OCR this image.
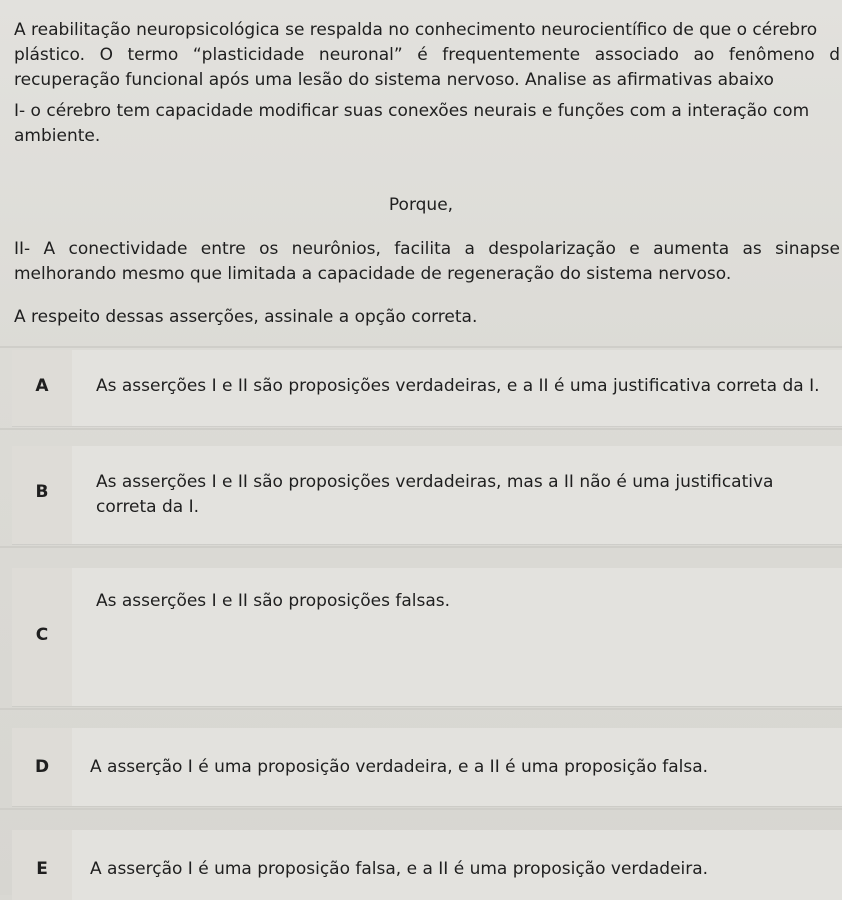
A reabilitação neuropsicológica se respalda no conhecimento neurocientífico de que o cérebro
plástico. O termo “plasticidade neuronal” é frequentemente associado ao fenômeno d
recuperação funcional após uma lesão do sistema nervoso. Analise as afirmativas abaixo
I- o cérebro tem capacidade modificar suas conexões neurais e funções com a interação com
ambiente.
Porque,
II- A conectividade entre os neurônios, facilita a despolarização e aumenta as sinapse
melhorando mesmo que limitada a capacidade de regeneração do sistema nervoso.
A respeito dessas asserções, assinale a opção correta.
A	As asserções I e II são proposições verdadeiras, e a II é uma justificativa correta da I.
B	As asserções I e II são proposições verdadeiras, mas a II não é uma justificativa
correta da I.
C
As asserções I e II são proposições falsas.
D	A asserção I é uma proposição verdadeira, e a II é uma proposição falsa.
E	A asserção I é uma proposição falsa, e a II é uma proposição verdadeira.
